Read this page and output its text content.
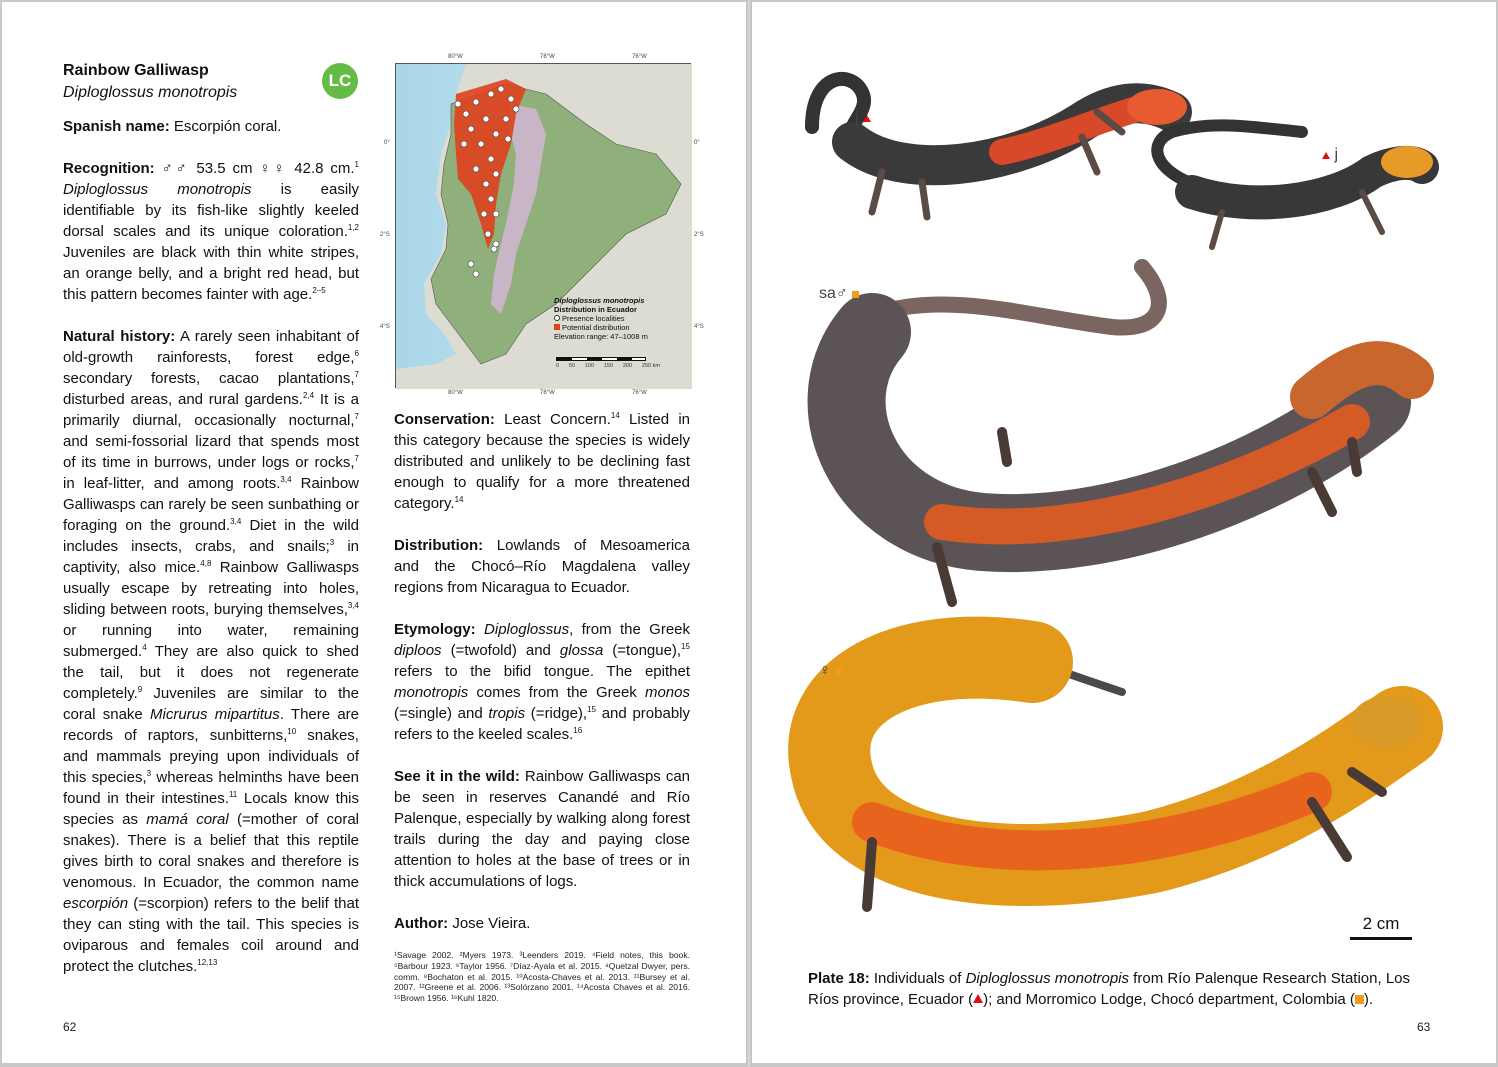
LC
Rainbow Galliwasp
Diploglossus monotropis

Spanish name: Escorpión coral.

Recognition: ♂♂ 53.5 cm ♀♀ 42.8 cm.$^1$ Diploglossus monotropis is easily identifiable by its fish-like slightly keeled dorsal scales and its unique coloration.$^{1,2}$ Juveniles are black with thin white stripes, an orange belly, and a bright red head, but this pattern becomes fainter with age.$^{2-5}$

Natural history: A rarely seen inhabitant of old-growth rainforests, forest edge,$^6$ secondary forests, cacao plantations,$^7$ disturbed areas, and rural gardens.$^{2,4}$ It is a primarily diurnal, occasionally nocturnal,$^7$ and semi-fossorial lizard that spends most of its time in burrows, under logs or rocks,$^7$ in leaf-litter, and among roots.$^{3,4}$ Rainbow Galliwasps can rarely be seen sunbathing or foraging on the ground.$^{3,4}$ Diet in the wild includes insects, crabs, and snails;$^3$ in captivity, also mice.$^{4,8}$ Rainbow Galliwasps usually escape by retreating into holes, sliding between roots, burying themselves,$^{3,4}$ or running into water, remaining submerged.$^4$ They are also quick to shed the tail, but it does not regenerate completely.$^9$ Juveniles are similar to the coral snake Micrurus mipartitus. There are records of raptors, sunbitterns,$^{10}$ snakes, and mammals preying upon individuals of this species,$^3$ whereas helminths have been found in their intestines.$^{11}$ Locals know this species as mamá coral (=mother of coral snakes). There is a belief that this reptile gives birth to coral snakes and therefore is venomous. In Ecuador, the common name escorpión (=scorpion) refers to the belif that they can sting with the tail. This species is oviparous and females coil around and protect the clutches.$^{12,13}$

Diploglossus monotropis
Distribution in Ecuador
Presence localities
Potential distribution
Elevation range: 47–1008 m
0 50 100 150 200 250 km
80°W	78°W	76°W
80°W	78°W	76°W
0°
2°S
4°S
0°
2°S
4°S

Conservation: Least Concern.$^{14}$ Listed in this category because the species is widely distributed and unlikely to be declining fast enough to qualify for a more threatened category.$^{14}$

Distribution: Lowlands of Mesoamerica and the Chocó–Río Magdalena valley regions from Nicaragua to Ecuador.

Etymology: Diploglossus, from the Greek diploos (=twofold) and glossa (=tongue),$^{15}$ refers to the bifid tongue. The epithet monotropis comes from the Greek monos (=single) and tropis (=ridge),$^{15}$ and probably refers to the keeled scales.$^{16}$

See it in the wild: Rainbow Galliwasps can be seen in reserves Canandé and Río Palenque, especially by walking along forest trails during the day and paying close attention to holes at the base of trees or in thick accumulations of logs.

Author: Jose Vieira.

¹Savage 2002. ²Myers 1973. ³Leenders 2019. ⁴Field notes, this book. ⁵Barbour 1923. ⁶Taylor 1956. ⁷Díaz-Ayala et al. 2015. ⁸Quetzal Dwyer, pers. comm. ⁹Bochaton et al. 2015. ¹⁰Acosta-Chaves et al. 2013. ¹¹Bursey et al. 2007. ¹²Greene et al. 2006. ¹³Solórzano 2001. ¹⁴Acosta Chaves et al. 2016. ¹⁵Brown 1956. ¹⁶Kuhl 1820.
62
j
j
sa♂
♀
2 cm

Plate 18: Individuals of Diploglossus monotropis from Río Palenque Research Station, Los Ríos province, Ecuador ( ); and Morromico Lodge, Chocó department, Colombia ( ).

63
